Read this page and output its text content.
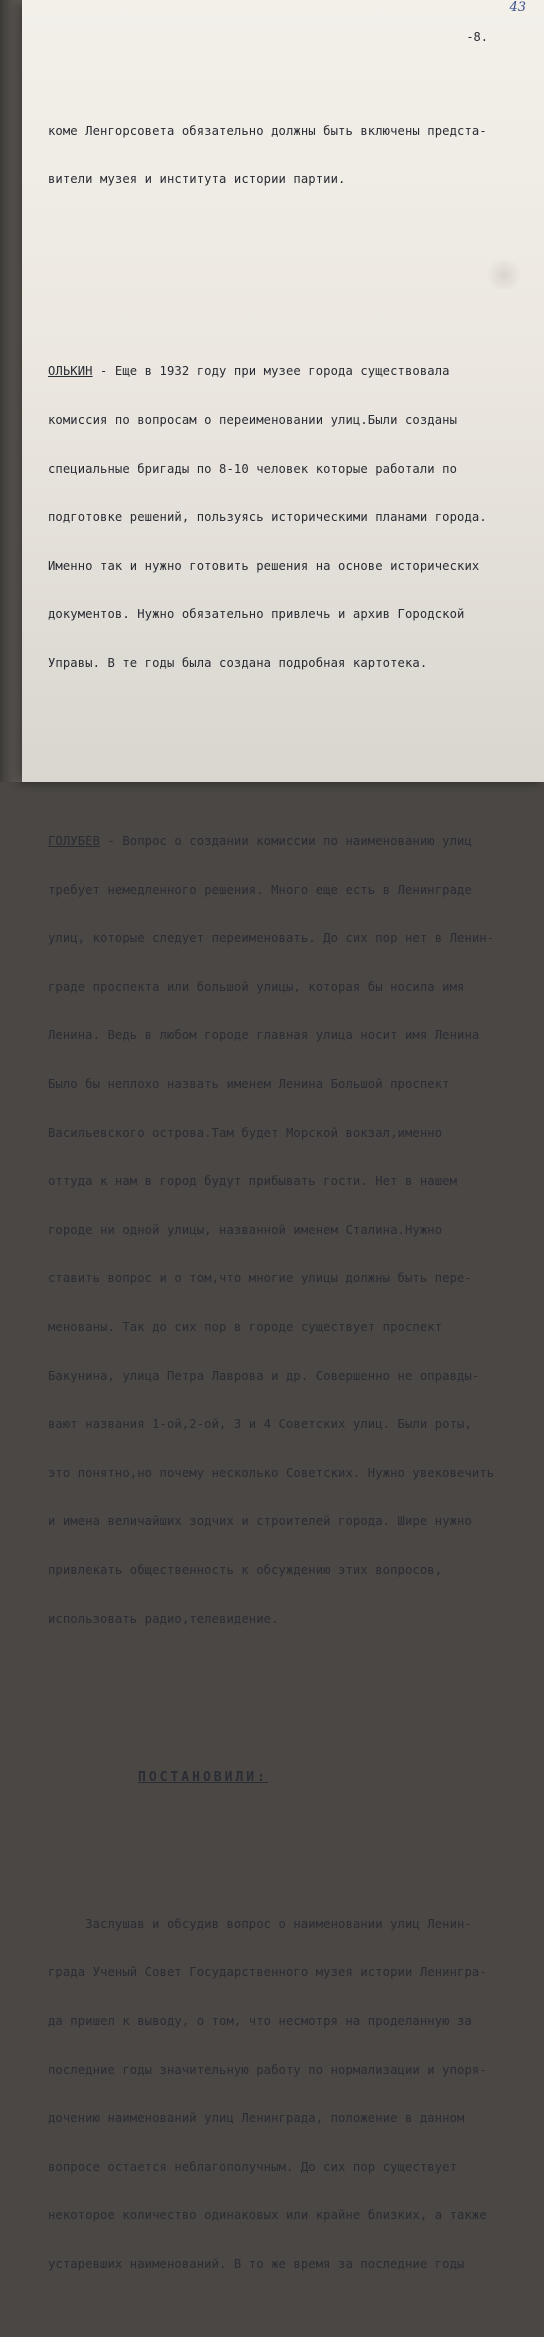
43
-8.

коме Ленгорсовета обязательно должны быть включены предста-

вители музея и института истории партии.

ОЛЬКИН - Еще в 1932 году при музее города существовала

комиссия по вопросам о переименовании улиц.Были созданы

специальные бригады по 8-10 человек которые работали по

подготовке решений, пользуясь историческими планами города.

Именно так и нужно готовить решения на основе исторических

документов. Нужно обязательно привлечь и архив Городской

Управы. В те годы была создана подробная картотека.

ГОЛУБЕВ - Вопрос о создании комиссии по наименованию улиц

требует немедленного решения. Много еще есть в Ленинграде

улиц, которые следует переименовать. До сих пор нет в Ленин-

граде проспекта или большой улицы, которая бы носила имя

Ленина. Ведь в любом городе главная улица носит имя Ленина

Было бы неплохо назвать именем Ленина Большой проспект

Васильевского острова.Там будет Морской вокзал,именно

оттуда к нам в город будут прибывать гости. Нет в нашем

городе ни одной улицы, названной именем Сталина.Нужно

ставить вопрос и о том,что многие улицы должны быть пере-

менованы. Так до сих пор в городе существует проспект

Бакунина, улица Петра Лаврова и др. Совершенно не оправды-

вают названия 1-ой,2-ой, 3 и 4 Советских улиц. Были роты,

это понятно,но почему несколько Советских. Нужно увековечить

и имена величайших зодчих и строителей города. Шире нужно

привлекать общественность к обсуждению этих вопросов,

использовать радио,телевидение.

ПОСТАНОВИЛИ:

Заслушав и обсудив вопрос о наименовании улиц Ленин-

града Ученый Совет Государственного музея истории Ленингра-

да пришел к выводу, о том, что несмотря на проделанную за

последние годы значительную работу по нормализации и упоря-

дочению наименований улиц Ленинграда, положение в данном

вопросе остается неблагополучным. До сих пор существует

некоторое количество одинаковых или крайне близких, а также

устаревших наименований. В то же время за последние годы
